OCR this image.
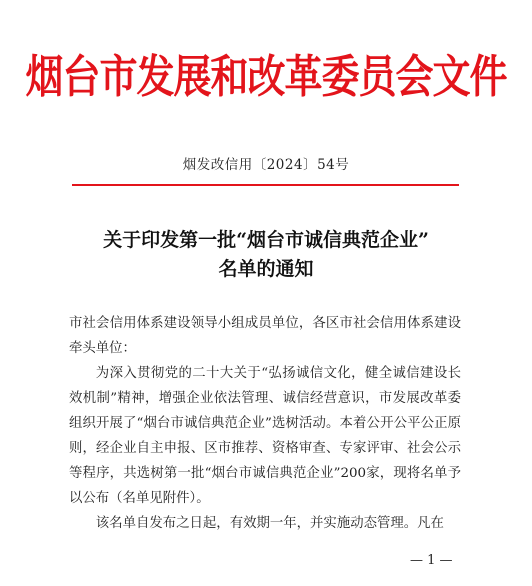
烟台市发展和改革委员会文件
烟发改信用〔2024〕54号
关于印发第一批“烟台市诚信典范企业”
名单的通知

市社会信用体系建设领导小组成员单位，各区市社会信用体系建设牵头单位：

为深入贯彻党的二十大关于“弘扬诚信文化，健全诚信建设长效机制”精神，增强企业依法管理、诚信经营意识，市发展改革委组织开展了“烟台市诚信典范企业”选树活动。本着公开公平公正原则，经企业自主申报、区市推荐、资格审查、专家评审、社会公示等程序，共选树第一批“烟台市诚信典范企业”200家，现将名单予以公布（名单见附件）。

该名单自发布之日起，有效期一年，并实施动态管理。凡在

— 1 —
